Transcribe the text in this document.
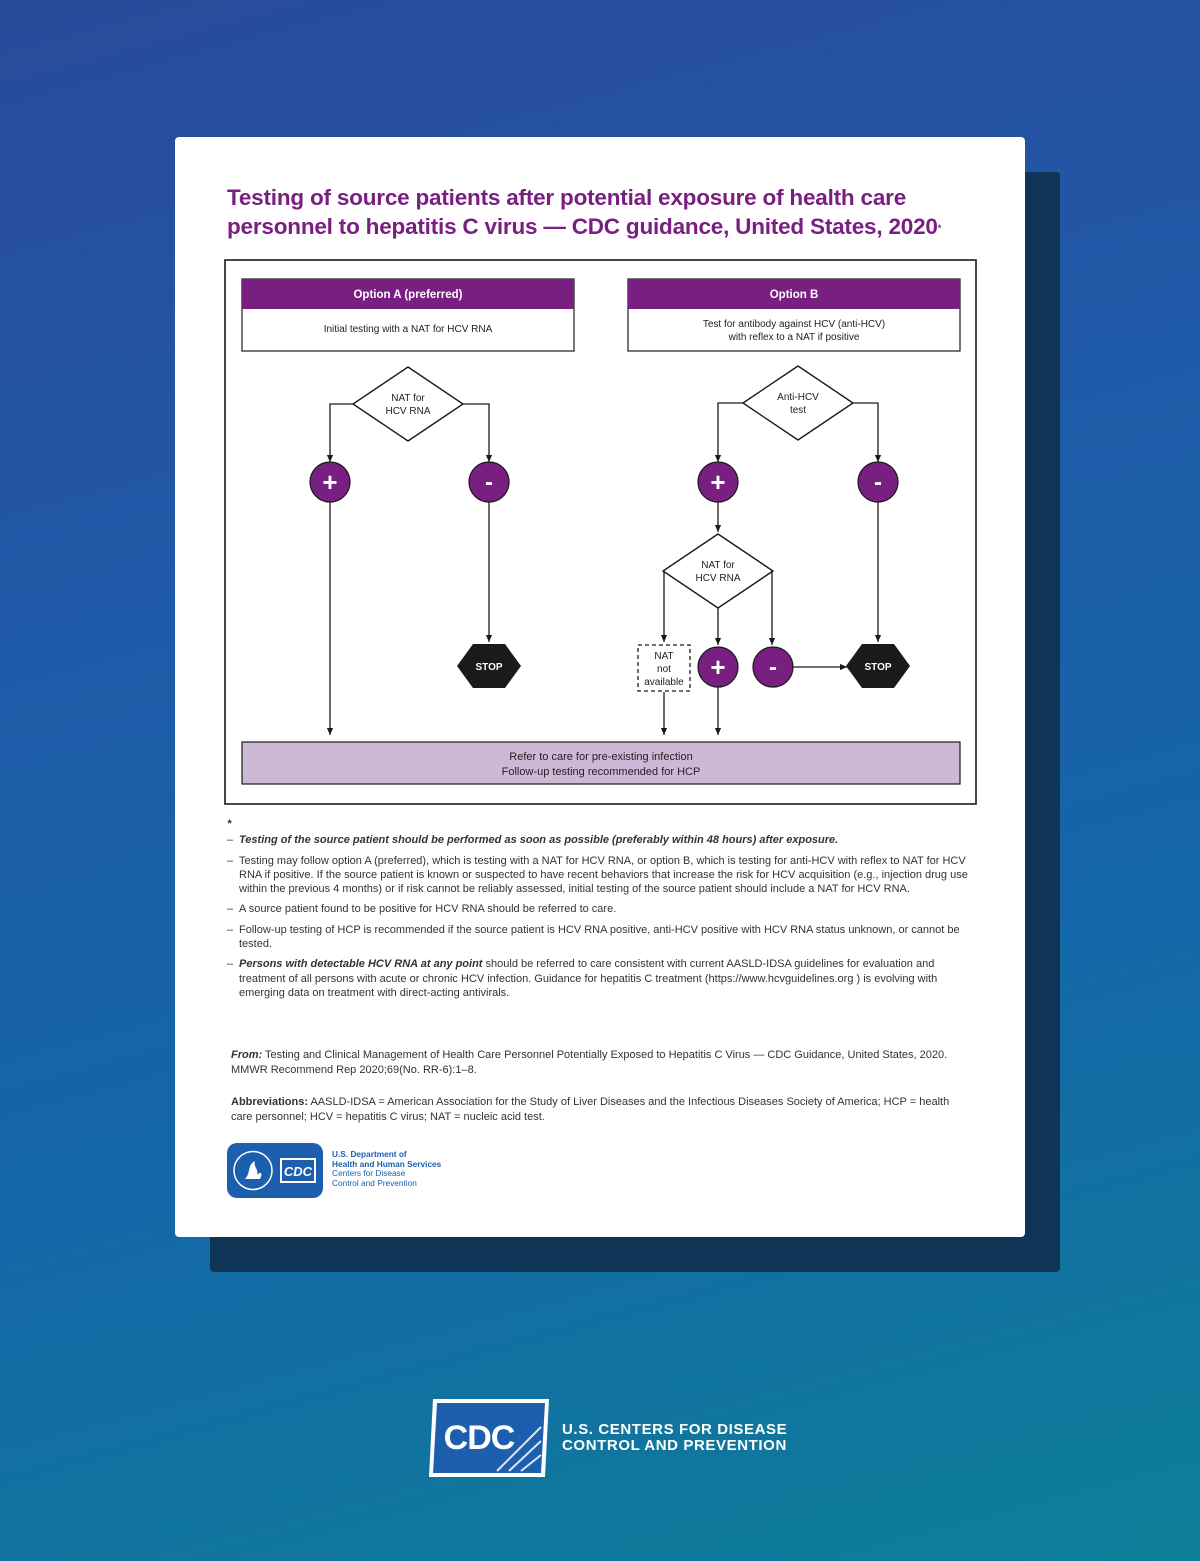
Testing of source patients after potential exposure of health care personnel to hepatitis C virus — CDC guidance, United States, 2020*
Option A (preferred)
Initial testing with a NAT for HCV RNA
Option B
Test for antibody against HCV (anti-HCV)
with reflex to a NAT if positive
NAT for
HCV RNA
+	-
STOP
Anti-HCV
test
+	-
NAT for
HCV RNA
NAT
not
available
+ -	STOP
Refer to care for pre-existing infection
Follow-up testing recommended for HCP
*
– Testing of the source patient should be performed as soon as possible (preferably within 48 hours) after exposure.
– Testing may follow option A (preferred), which is testing with a NAT for HCV RNA, or option B, which is testing for anti-HCV with reflex to NAT for HCV RNA if positive. If the source patient is known or suspected to have recent behaviors that increase the risk for HCV acquisition (e.g., injection drug use within the previous 4 months) or if risk cannot be reliably assessed, initial testing of the source patient should include a NAT for HCV RNA.
– A source patient found to be positive for HCV RNA should be referred to care.
– Follow-up testing of HCP is recommended if the source patient is HCV RNA positive, anti-HCV positive with HCV RNA status unknown, or cannot be tested.
– Persons with detectable HCV RNA at any point should be referred to care consistent with current AASLD-IDSA guidelines for evaluation and treatment of all persons with acute or chronic HCV infection. Guidance for hepatitis C treatment (https://www.hcvguidelines.org ) is evolving with emerging data on treatment with direct-acting antivirals.
From: Testing and Clinical Management of Health Care Personnel Potentially Exposed to Hepatitis C Virus — CDC Guidance, United States, 2020. MMWR Recommend Rep 2020;69(No. RR-6):1–8.
Abbreviations: AASLD-IDSA = American Association for the Study of Liver Diseases and the Infectious Diseases Society of America; HCP = health care personnel; HCV = hepatitis C virus; NAT = nucleic acid test.
CDC
U.S. Department of
Health and Human Services
Centers for Disease
Control and Prevention
CDC	U.S. CENTERS FOR DISEASE
CONTROL AND PREVENTION
